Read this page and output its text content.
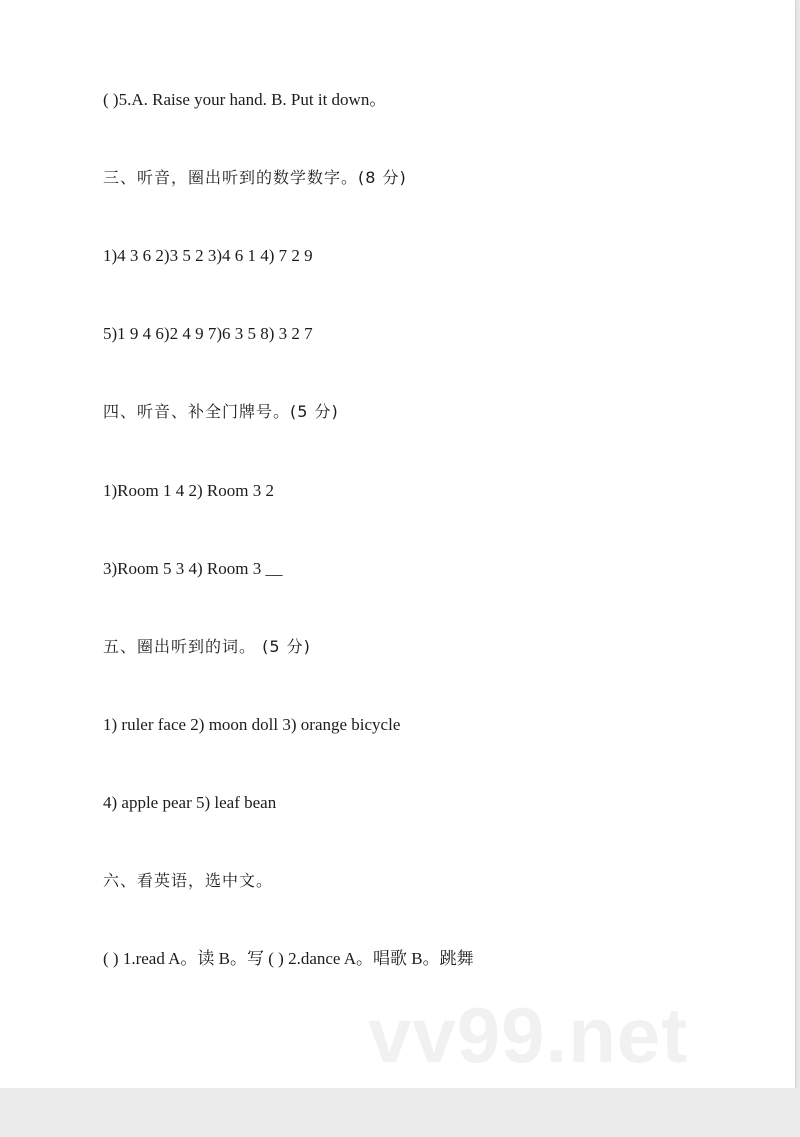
( )5.A. Raise your hand. B. Put it down。

三、听音，圈出听到的数学数字。(8 分)

1)4 3 6 2)3 5 2 3)4 6 1 4) 7 2 9

5)1 9 4 6)2 4 9 7)6 3 5 8) 3 2 7

四、听音、补全门牌号。(5 分)

1)Room 1 4 2) Room 3 2

3)Room 5 3 4) Room 3 __

五、圈出听到的词。 (5 分)

1) ruler face 2) moon doll 3) orange bicycle

4) apple pear 5) leaf bean

六、看英语，选中文。

( ) 1.read A。读 B。写 ( ) 2.dance A。唱歌 B。跳舞

vv99.net
